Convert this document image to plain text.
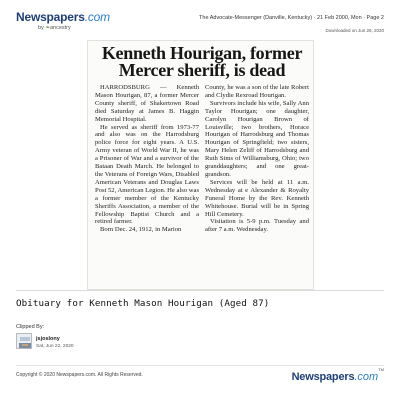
Newspapers.com
by ❧ancestry
The Advocate-Messenger (Danville, Kentucky) · 21 Feb 2000, Mon · Page 2
Downloaded on Jun 26, 2020
Kenneth Hourigan, former Mercer sheriff, is dead

HARRODSBURG — Kenneth Mason Hourigan, 87, a former Mercer County sheriff, of Shakertown Road died Saturday at James B. Haggin Memorial Hospital.

He served as sheriff from 1973-77 and also was on the Harrodsburg police force for eight years. A U.S. Army veteran of World War II, he was a Prisoner of War and a survivor of the Bataan Death March. He belonged to the Veterans of Foreign Wars, Disabled American Veterans and Douglas Laws Post 52, American Legion. He also was a former member of the Kentucky Sheriffs Association, a member of the Fellowship Baptist Church and a retired farmer.

Born Dec. 24, 1912, in Marion

County, he was a son of the late Robert and Clydie Rexroad Hourigan.

Survivors include his wife, Sally Ann Taylor Hourigan; one daughter, Carolyn Hourigan Brown of Louisville; two brothers, Horace Hourigan of Harrodsburg and Thomas Hourigan of Springfield; two sisters, Mary Helen Zeliff of Harrodsburg and Ruth Sims of Williamsburg, Ohio; two granddaughters; and one great-grandson.

Services will be held at 11 a.m. Wednesday at e Alexander & Royalty Funeral Home by the Rev. Kenneth Whitehouse. Burial will be in Spring Hill Cemetery.

Visitation is 5-9 p.m. Tuesday and after 7 a.m. Wednesday.

Obituary for Kenneth Mason Hourigan (Aged 87)
Clipped By:
jsjoslony
Sat, Jun 22, 2020
Copyright © 2020 Newspapers.com. All Rights Reserved.	Newspapers.com™
